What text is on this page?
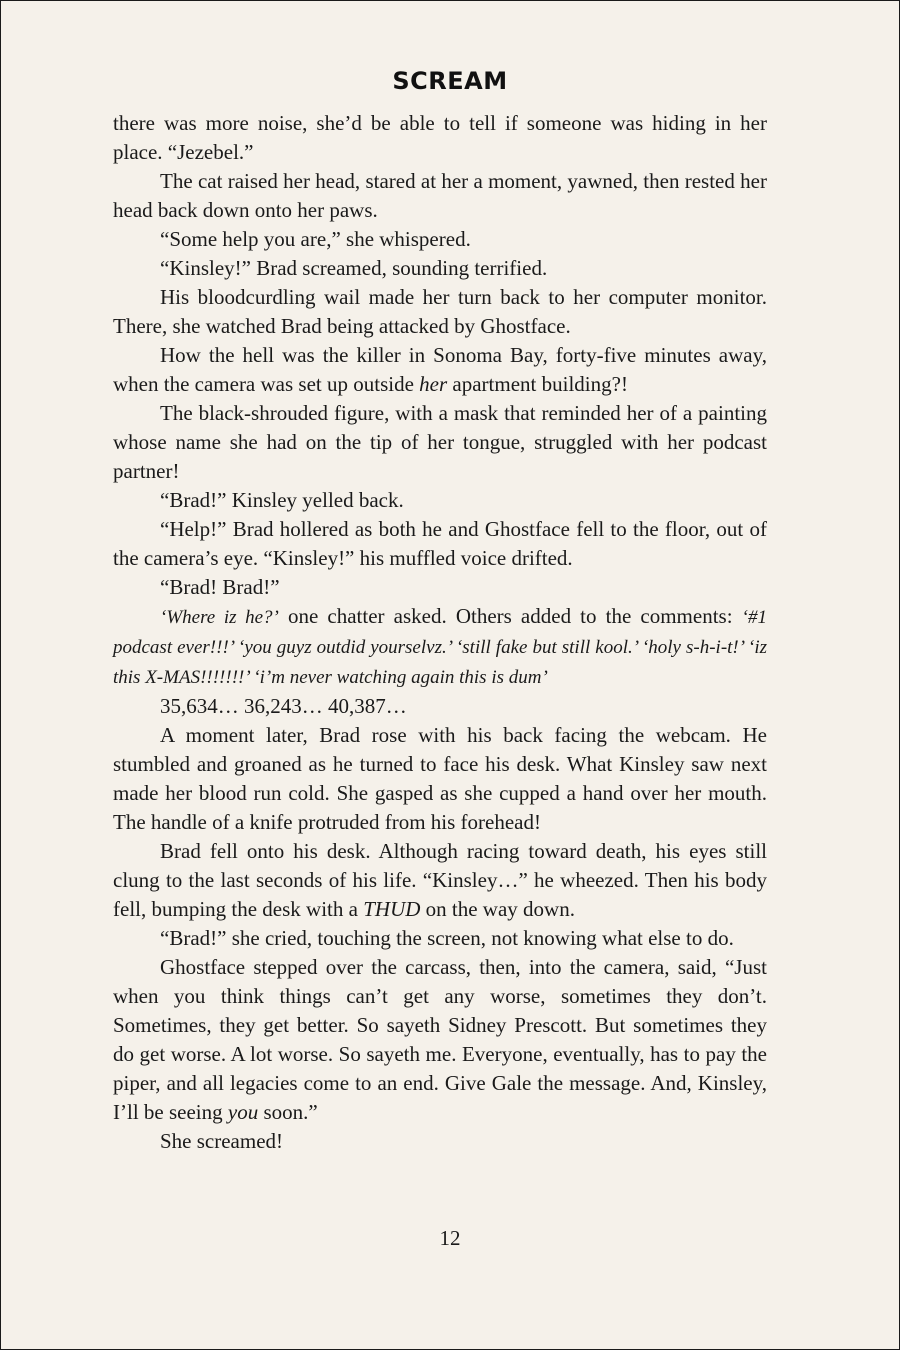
SCREAM

there was more noise, she’d be able to tell if someone was hiding in her place. “Jezebel.”

The cat raised her head, stared at her a moment, yawned, then rested her head back down onto her paws.

“Some help you are,” she whispered.

“Kinsley!” Brad screamed, sounding terrified.

His bloodcurdling wail made her turn back to her computer monitor. There, she watched Brad being attacked by Ghostface.

How the hell was the killer in Sonoma Bay, forty-five minutes away, when the camera was set up outside her apartment building?!

The black-shrouded figure, with a mask that reminded her of a painting whose name she had on the tip of her tongue, struggled with her podcast partner!

“Brad!” Kinsley yelled back.

“Help!” Brad hollered as both he and Ghostface fell to the floor, out of the camera’s eye. “Kinsley!” his muffled voice drifted.

“Brad! Brad!”

‘Where iz he?’ one chatter asked. Others added to the comments: ‘#1 podcast ever!!!’ ‘you guyz outdid yourselvz.’ ‘still fake but still kool.’ ‘holy s-h-i-t!’ ‘iz this X-MAS!!!!!!!’ ‘i’m never watching again this is dum’

35,634… 36,243… 40,387…

A moment later, Brad rose with his back facing the webcam. He stumbled and groaned as he turned to face his desk. What Kinsley saw next made her blood run cold. She gasped as she cupped a hand over her mouth. The handle of a knife protruded from his forehead!

Brad fell onto his desk. Although racing toward death, his eyes still clung to the last seconds of his life. “Kinsley…” he wheezed. Then his body fell, bumping the desk with a THUD on the way down.

“Brad!” she cried, touching the screen, not knowing what else to do.

Ghostface stepped over the carcass, then, into the camera, said, “Just when you think things can’t get any worse, sometimes they don’t. Sometimes, they get better. So sayeth Sidney Prescott. But sometimes they do get worse. A lot worse. So sayeth me. Everyone, eventually, has to pay the piper, and all legacies come to an end. Give Gale the message. And, Kinsley, I’ll be seeing you soon.”

She screamed!

12
